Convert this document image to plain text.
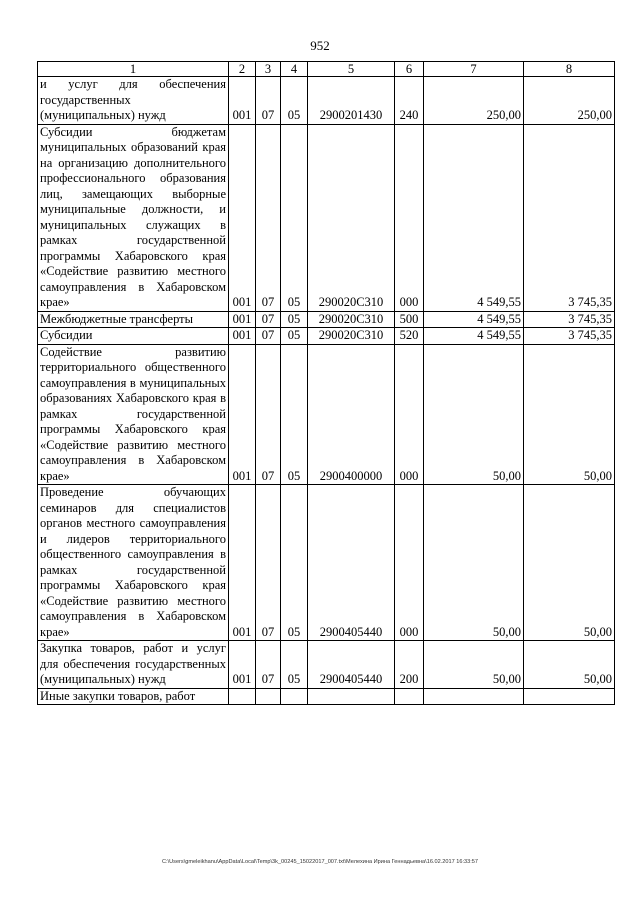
952
1	2	3	4	5	6	7	8
и услуг для обеспечения государственных (муниципальных) нужд	001	07	05	2900201430	240	250,00	250,00
Субсидии бюджетам муниципальных образований края на организацию дополнительного профессионального образования лиц, замещающих выборные муниципальные должности, и муниципальных служащих в рамках государственной программы Хабаровского края «Содействие развитию местного самоуправления в Хабаровском крае»	001	07	05	290020С310	000	4 549,55	3 745,35
Межбюджетные трансферты	001	07	05	290020С310	500	4 549,55	3 745,35
Субсидии	001	07	05	290020С310	520	4 549,55	3 745,35
Содействие развитию территориального общественного самоуправления в муниципальных образованиях Хабаровского края в рамках государственной программы Хабаровского края «Содействие развитию местного самоуправления в Хабаровском крае»	001	07	05	2900400000	000	50,00	50,00
Проведение обучающих семинаров для специалистов органов местного самоуправления и лидеров территориального общественного самоуправления в рамках государственной программы Хабаровского края «Содействие развитию местного самоуправления в Хабаровском крае»	001	07	05	2900405440	000	50,00	50,00
Закупка товаров, работ и услуг для обеспечения государственных (муниципальных) нужд	001	07	05	2900405440	200	50,00	50,00
Иные закупки товаров, работ							
C:\Users\gmeleikhanu\AppData\Local\Temp\3k_00245_15022017_007.txt\Мелехина Ирина Геннадьевна\16.02.2017 16:33:57
